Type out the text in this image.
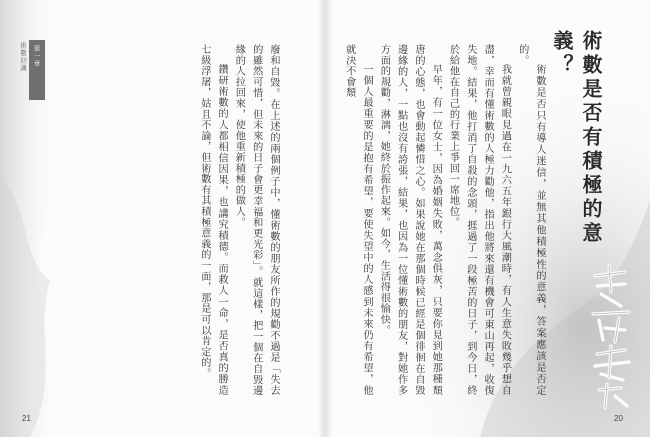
第一章
術數初識	術數是否有積極的意義？

術數是否只有導人迷信，並無其他積極性的意義，答案應該是否定的。

我就曾親眼見過在一九六五年銀行大風潮時，有人生意失敗幾乎想自盡，幸而有懂術數的人極力勸他，指出他將來還有機會可東山再起，收復失地。結果，他打消了自殺的念頭，捱過了一段極苦的日子，到今日，終於給他在自己的行業上爭回一席地位。

早年，有一位女士，因為婚姻失敗，萬念俱灰，只要你見到她那種頹唐的心態，也會動起憐惜之心。如果說她在那個時候已經是個徘徊在自毀邊緣的人，一點也沒有誇張，結果，也因為一位懂術數的朋友，對她作多方面的規勸，淋漓，她終於振作起來。如今，生活得很愉快。

一個人最重要的是抱有希望，要使失望中的人感到未來仍有希望，他就決不會頹

廢和自毀。在上述的兩個例子中，懂術數的朋友所作的規勸不過是「失去的雖然可惜，但未來的日子會更幸福和更光彩」。就這樣，把一個在自毀邊緣的人拉回來，使他重新積極的做人。

鑽研術數的人都相信因果，也講究積德。而救人一命，是否真的勝造七級浮屠，姑且不論，但術數有其積極意義的一面，那是可以肯定的。

21	20
